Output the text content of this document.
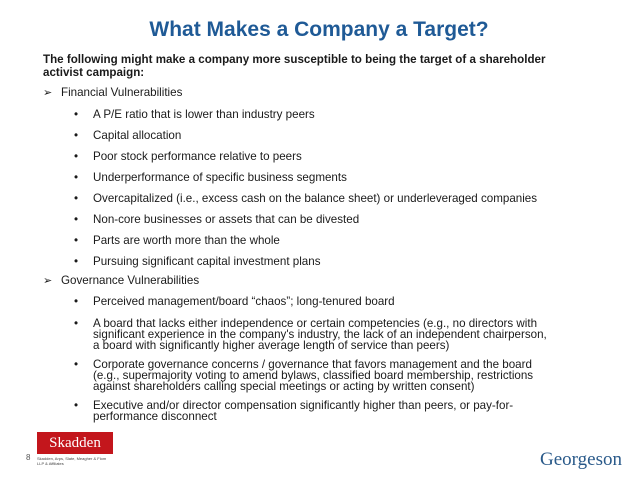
What Makes a Company a Target?
The following might make a company more susceptible to being the target of a shareholder activist campaign:
➢ Financial Vulnerabilities
•	A P/E ratio that is lower than industry peers
•	Capital allocation
•	Poor stock performance relative to peers
•	Underperformance of specific business segments
•	Overcapitalized (i.e., excess cash on the balance sheet) or underleveraged companies
•	Non-core businesses or assets that can be divested
•	Parts are worth more than the whole
•	Pursuing significant capital investment plans
➢ Governance Vulnerabilities
•	Perceived management/board “chaos”; long-tenured board
•	A board that lacks either independence or certain competencies (e.g., no directors with significant experience in the company's industry, the lack of an independent chairperson, a board with significantly higher average length of service than peers)
•	Corporate governance concerns / governance that favors management and the board (e.g., supermajority voting to amend bylaws, classified board membership, restrictions against shareholders calling special meetings or acting by written consent)
•	Executive and/or director compensation significantly higher than peers, or pay-for-performance disconnect
8
Skadden
Skadden, Arps, Slate, Meagher & Flom LLP & Affiliates	Georgeson
